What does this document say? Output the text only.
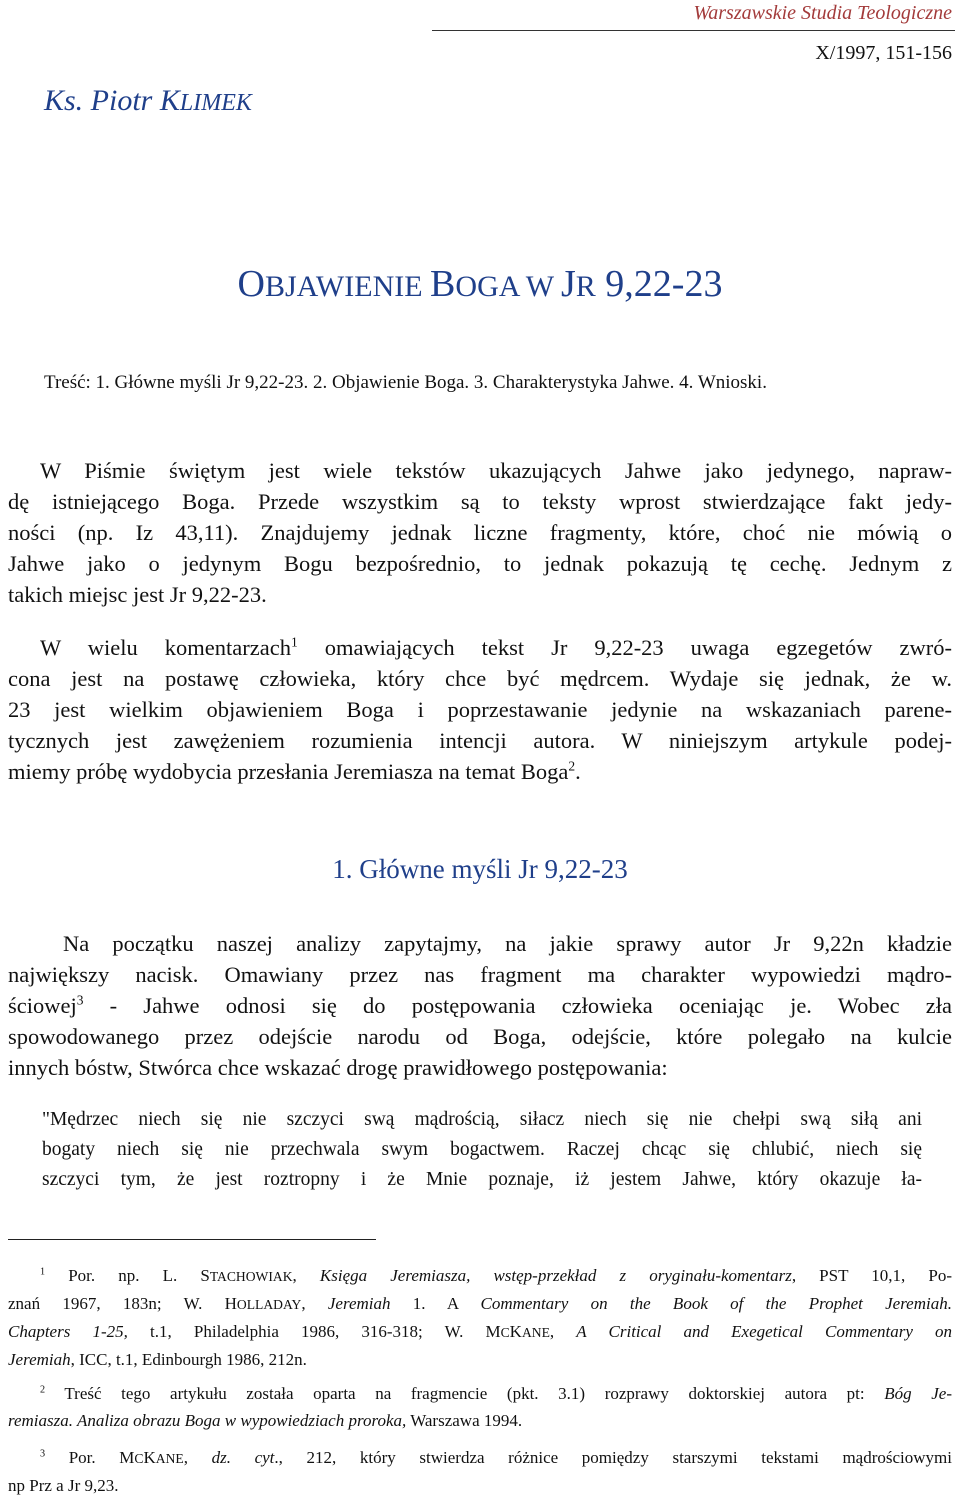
Warszawskie Studia Teologiczne
X/1997, 151-156
Ks. Piotr KLIMEK
OBJAWIENIE BOGA W JR 9,22-23
Treść: 1. Główne myśli Jr 9,22-23. 2. Objawienie Boga. 3. Charakterystyka Jahwe. 4. Wnioski.
W Piśmie świętym jest wiele tekstów ukazujących Jahwe jako jedynego, napraw-
dę istniejącego Boga. Przede wszystkim są to teksty wprost stwierdzające fakt jedy-
ności (np. Iz 43,11). Znajdujemy jednak liczne fragmenty, które, choć nie mówią o
Jahwe jako o jedynym Bogu bezpośrednio, to jednak pokazują tę cechę. Jednym z
takich miejsc jest Jr 9,22-23.
W wielu komentarzach$^1$ omawiających tekst Jr 9,22-23 uwaga egzegetów zwró-
cona jest na postawę człowieka, który chce być mędrcem. Wydaje się jednak, że w.
23 jest wielkim objawieniem Boga i poprzestawanie jedynie na wskazaniach parene-
tycznych jest zawężeniem rozumienia intencji autora. W niniejszym artykule podej-
miemy próbę wydobycia przesłania Jeremiasza na temat Boga$^2$.
1. Główne myśli Jr 9,22-23
Na początku naszej analizy zapytajmy, na jakie sprawy autor Jr 9,22n kładzie
największy nacisk. Omawiany przez nas fragment ma charakter wypowiedzi mądro-
ściowej$^3$ - Jahwe odnosi się do postępowania człowieka oceniając je. Wobec zła
spowodowanego przez odejście narodu od Boga, odejście, które polegało na kulcie
innych bóstw, Stwórca chce wskazać drogę prawidłowego postępowania:
"Mędrzec niech się nie szczyci swą mądrością, siłacz niech się nie chełpi swą siłą ani
bogaty niech się nie przechwala swym bogactwem. Raczej chcąc się chlubić, niech się
szczyci tym, że jest roztropny i że Mnie poznaje, iż jestem Jahwe, który okazuje ła-
$^1$ Por. np. L. STACHOWIAK, Księga Jeremiasza, wstęp-przekład z oryginału-komentarz, PST 10,1, Po-
znań 1967, 183n; W. HOLLADAY, Jeremiah 1. A Commentary on the Book of the Prophet Jeremiah.
Chapters 1-25, t.1, Philadelphia 1986, 316-318; W. MCKANE, A Critical and Exegetical Commentary on
Jeremiah, ICC, t.1, Edinbourgh 1986, 212n.
$^2$ Treść tego artykułu została oparta na fragmencie (pkt. 3.1) rozprawy doktorskiej autora pt: Bóg Je-
remiasza. Analiza obrazu Boga w wypowiedziach proroka, Warszawa 1994.
$^3$ Por. MCKANE, dz. cyt., 212, który stwierdza różnice pomiędzy starszymi tekstami mądrościowymi
np Prz a Jr 9,23.
